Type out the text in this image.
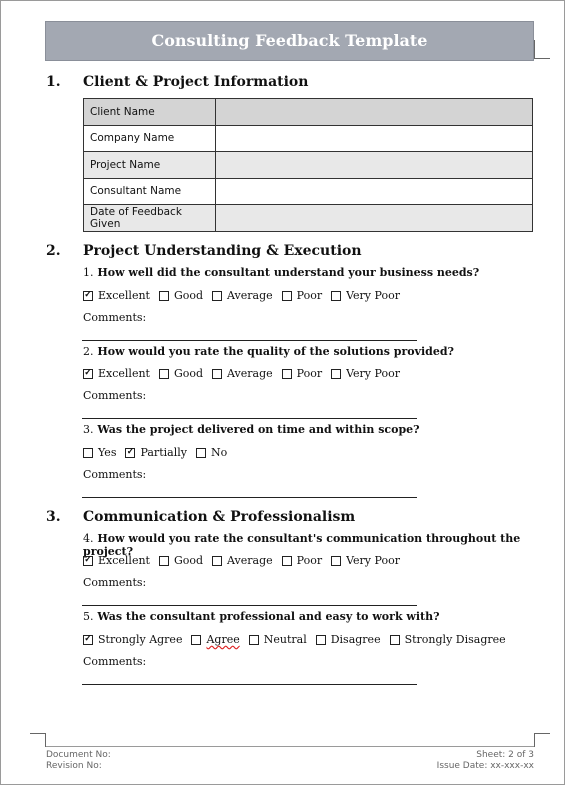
Consulting Feedback Template
1. Client & Project Information
Client Name	
Company Name	
Project Name	
Consultant Name	
Date of Feedback Given	
2. Project Understanding & Execution
1. How well did the consultant understand your business needs?
✓
Excellent Good Average Poor Very Poor
Comments:
2. How would you rate the quality of the solutions provided?
✓
Excellent Good Average Poor Very Poor
Comments:
3. Was the project delivered on time and within scope?
Yes
✓ Partially No
Comments:
3. Communication & Professionalism
4. How would you rate the consultant's communication throughout the project?
✓
Excellent Good Average Poor Very Poor
Comments:
5. Was the consultant professional and easy to work with?
✓
Strongly Agree Agree Neutral Disagree Strongly Disagree
Comments:
Document No:
Revision No:
Sheet: 2 of 3
Issue Date: xx-xxx-xx
